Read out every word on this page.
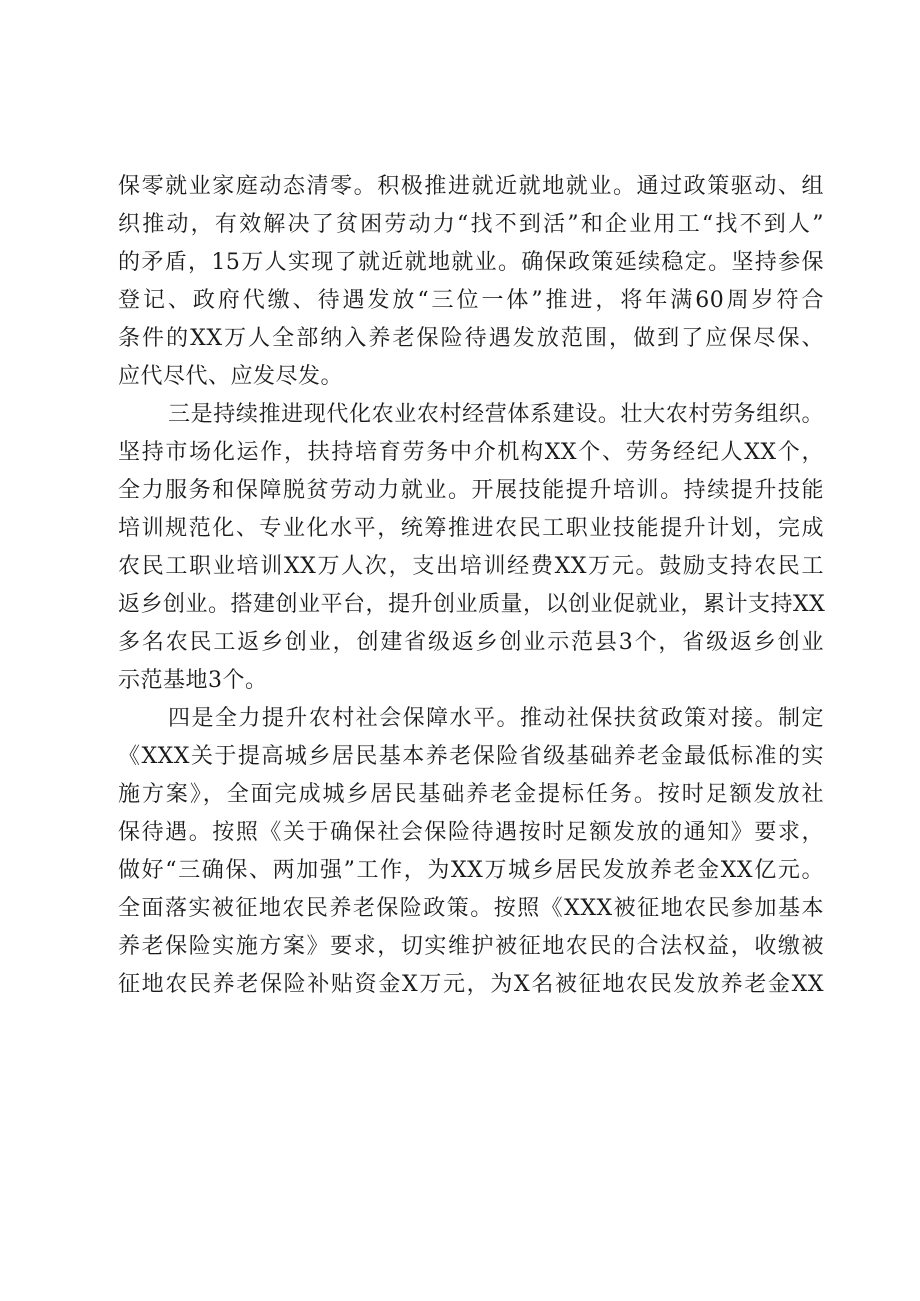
保零就业家庭动态清零。积极推进就近就地就业。通过政策驱动、组
织推动，有效解决了贫困劳动力“找不到活”和企业用工“找不到人”
的矛盾，15万人实现了就近就地就业。确保政策延续稳定。坚持参保
登记、政府代缴、待遇发放“三位一体”推进，将年满60周岁符合
条件的XX万人全部纳入养老保险待遇发放范围，做到了应保尽保、
应代尽代、应发尽发。
三是持续推进现代化农业农村经营体系建设。壮大农村劳务组织。
坚持市场化运作，扶持培育劳务中介机构XX个、劳务经纪人XX个，
全力服务和保障脱贫劳动力就业。开展技能提升培训。持续提升技能
培训规范化、专业化水平，统筹推进农民工职业技能提升计划，完成
农民工职业培训XX万人次，支出培训经费XX万元。鼓励支持农民工
返乡创业。搭建创业平台，提升创业质量，以创业促就业，累计支持XX
多名农民工返乡创业，创建省级返乡创业示范县3个，省级返乡创业
示范基地3个。
四是全力提升农村社会保障水平。推动社保扶贫政策对接。制定
《XXX关于提高城乡居民基本养老保险省级基础养老金最低标准的实
施方案》，全面完成城乡居民基础养老金提标任务。按时足额发放社
保待遇。按照《关于确保社会保险待遇按时足额发放的通知》要求，
做好“三确保、两加强”工作，为XX万城乡居民发放养老金XX亿元。
全面落实被征地农民养老保险政策。按照《XXX被征地农民参加基本
养老保险实施方案》要求，切实维护被征地农民的合法权益，收缴被
征地农民养老保险补贴资金X万元，为X名被征地农民发放养老金XX
